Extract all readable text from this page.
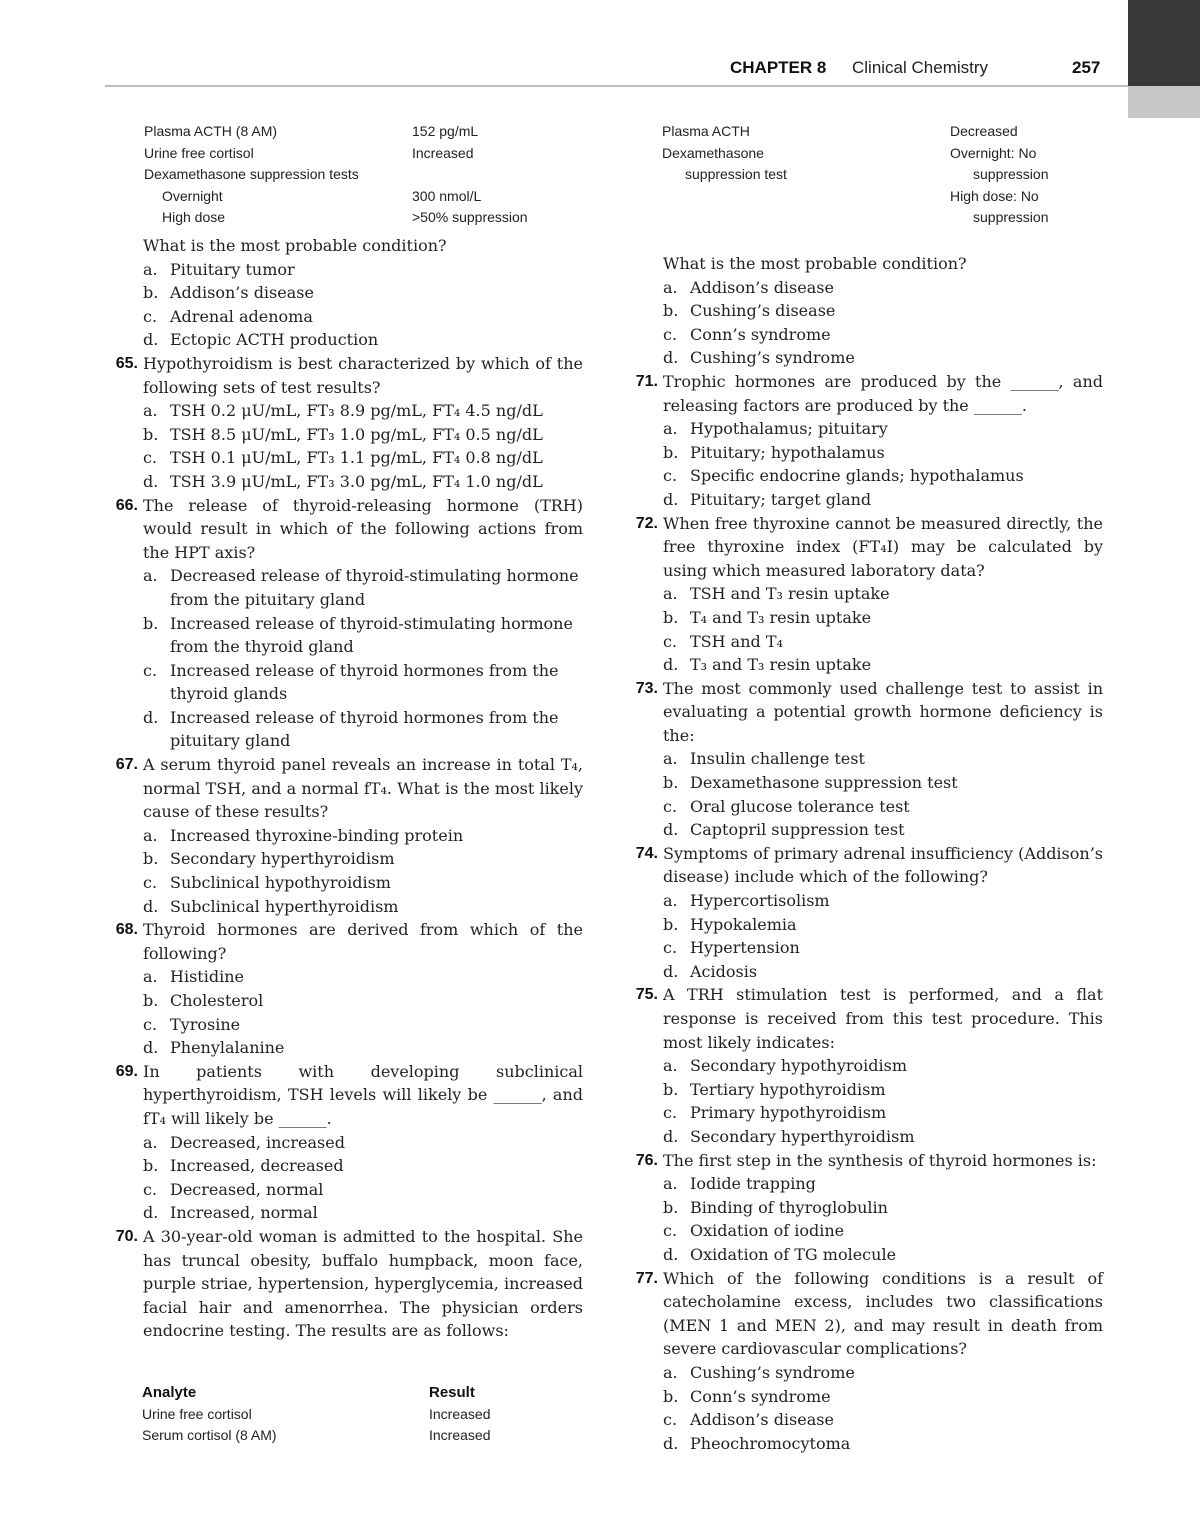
CHAPTER 8 Clinical Chemistry	257
Plasma ACTH (8 AM)	152 pg/mL
Urine free cortisol	Increased
Dexamethasone suppression tests
Overnight	300 nmol/L
High dose	>50% suppression
Plasma ACTH	Decreased
Dexamethasone	Overnight: No
suppression test	suppression
High dose: No
suppression
What is the most probable condition?
a. Pituitary tumor
b. Addison’s disease
c. Adrenal adenoma
d. Ectopic ACTH production
65. Hypothyroidism is best characterized by which of the following sets of test results?
a. TSH 0.2 μU/mL, FT₃ 8.9 pg/mL, FT₄ 4.5 ng/dL
b. TSH 8.5 μU/mL, FT₃ 1.0 pg/mL, FT₄ 0.5 ng/dL
c. TSH 0.1 μU/mL, FT₃ 1.1 pg/mL, FT₄ 0.8 ng/dL
d. TSH 3.9 μU/mL, FT₃ 3.0 pg/mL, FT₄ 1.0 ng/dL
66. The release of thyroid-releasing hormone (TRH) would result in which of the following actions from the HPT axis?
a. Decreased release of thyroid-stimulating hormone from the pituitary gland
b. Increased release of thyroid-stimulating hormone from the thyroid gland
c. Increased release of thyroid hormones from the thyroid glands
d. Increased release of thyroid hormones from the pituitary gland
67. A serum thyroid panel reveals an increase in total T₄, normal TSH, and a normal fT₄. What is the most likely cause of these results?
a. Increased thyroxine-binding protein
b. Secondary hyperthyroidism
c. Subclinical hypothyroidism
d. Subclinical hyperthyroidism
68. Thyroid hormones are derived from which of the following?
a. Histidine
b. Cholesterol
c. Tyrosine
d. Phenylalanine
69. In patients with developing subclinical hyperthyroidism, TSH levels will likely be ______, and fT₄ will likely be ______.
a. Decreased, increased
b. Increased, decreased
c. Decreased, normal
d. Increased, normal
70. A 30-year-old woman is admitted to the hospital. She has truncal obesity, buffalo humpback, moon face, purple striae, hypertension, hyperglycemia, increased facial hair and amenorrhea. The physician orders endocrine testing. The results are as follows:
Analyte	Result
Urine free cortisol	Increased
Serum cortisol (8 AM)	Increased
What is the most probable condition?
a. Addison’s disease
b. Cushing’s disease
c. Conn’s syndrome
d. Cushing’s syndrome
71. Trophic hormones are produced by the ______, and releasing factors are produced by the ______.
a. Hypothalamus; pituitary
b. Pituitary; hypothalamus
c. Specific endocrine glands; hypothalamus
d. Pituitary; target gland
72. When free thyroxine cannot be measured directly, the free thyroxine index (FT₄I) may be calculated by using which measured laboratory data?
a. TSH and T₃ resin uptake
b. T₄ and T₃ resin uptake
c. TSH and T₄
d. T₃ and T₃ resin uptake
73. The most commonly used challenge test to assist in evaluating a potential growth hormone deficiency is the:
a. Insulin challenge test
b. Dexamethasone suppression test
c. Oral glucose tolerance test
d. Captopril suppression test
74. Symptoms of primary adrenal insufficiency (Addison’s disease) include which of the following?
a. Hypercortisolism
b. Hypokalemia
c. Hypertension
d. Acidosis
75. A TRH stimulation test is performed, and a flat response is received from this test procedure. This most likely indicates:
a. Secondary hypothyroidism
b. Tertiary hypothyroidism
c. Primary hypothyroidism
d. Secondary hyperthyroidism
76. The first step in the synthesis of thyroid hormones is:
a. Iodide trapping
b. Binding of thyroglobulin
c. Oxidation of iodine
d. Oxidation of TG molecule
77. Which of the following conditions is a result of catecholamine excess, includes two classifications (MEN 1 and MEN 2), and may result in death from severe cardiovascular complications?
a. Cushing’s syndrome
b. Conn’s syndrome
c. Addison’s disease
d. Pheochromocytoma
